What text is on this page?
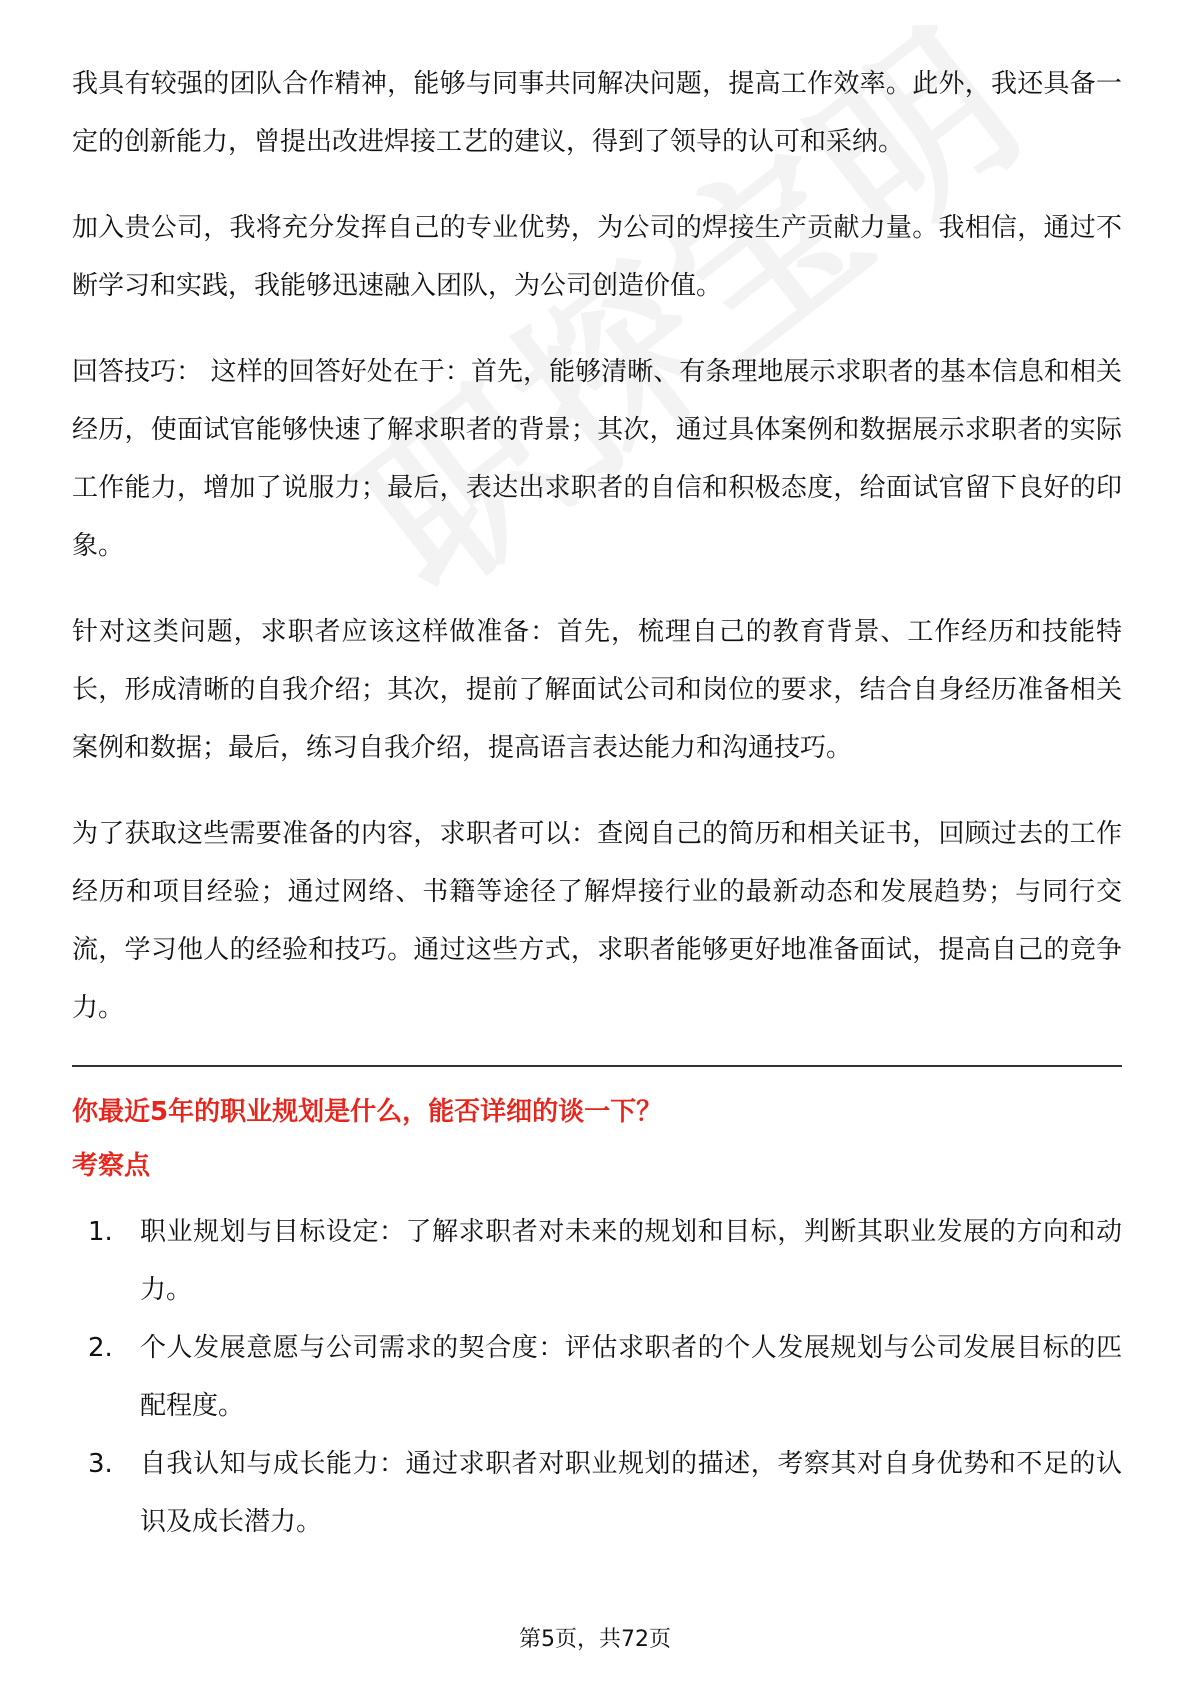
我具有较强的团队合作精神，能够与同事共同解决问题，提高工作效率。此外，我还具备一定的创新能力，曾提出改进焊接工艺的建议，得到了领导的认可和采纳。

加入贵公司，我将充分发挥自己的专业优势，为公司的焊接生产贡献力量。我相信，通过不断学习和实践，我能够迅速融入团队，为公司创造价值。

回答技巧： 这样的回答好处在于：首先，能够清晰、有条理地展示求职者的基本信息和相关经历，使面试官能够快速了解求职者的背景；其次，通过具体案例和数据展示求职者的实际工作能力，增加了说服力；最后，表达出求职者的自信和积极态度，给面试官留下良好的印象。

针对这类问题，求职者应该这样做准备：首先，梳理自己的教育背景、工作经历和技能特长，形成清晰的自我介绍；其次，提前了解面试公司和岗位的要求，结合自身经历准备相关案例和数据；最后，练习自我介绍，提高语言表达能力和沟通技巧。

为了获取这些需要准备的内容，求职者可以：查阅自己的简历和相关证书，回顾过去的工作经历和项目经验；通过网络、书籍等途径了解焊接行业的最新动态和发展趋势；与同行交流，学习他人的经验和技巧。通过这些方式，求职者能够更好地准备面试，提高自己的竞争力。

你最近5年的职业规划是什么，能否详细的谈一下？
考察点
1.	职业规划与目标设定：了解求职者对未来的规划和目标，判断其职业发展的方向和动力。
2.	个人发展意愿与公司需求的契合度：评估求职者的个人发展规划与公司发展目标的匹配程度。
3.	自我认知与成长能力：通过求职者对职业规划的描述，考察其对自身优势和不足的认识及成长潜力。
第5页，共72页
